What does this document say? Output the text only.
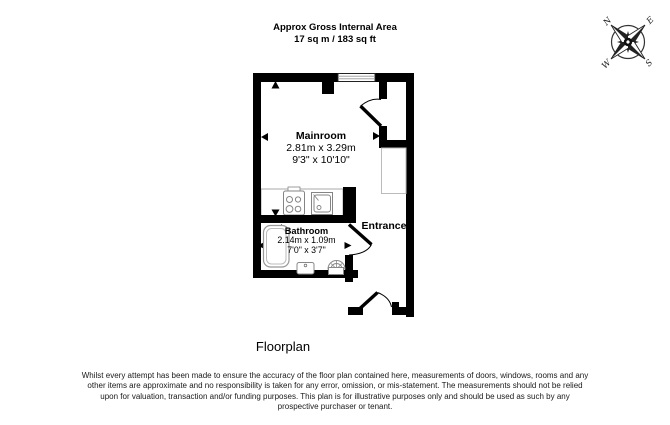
Approx Gross Internal Area
17 sq m / 183 sq ft
N	E
S
W
Mainroom
2.81m x 3.29m
9'3" x 10'10"
Bathroom
2.14m x 1.09m
7'0" x 3'7"
Entrance
Floorplan
Whilst every attempt has been made to ensure the accuracy of the floor plan contained here, measurements of doors, windows, rooms and any other items are approximate and no responsibility is taken for any error, omission, or mis-statement. The measurements should not be relied upon for valuation, transaction and/or funding purposes. This plan is for illustrative purposes only and should be used as such by any prospective purchaser or tenant.
